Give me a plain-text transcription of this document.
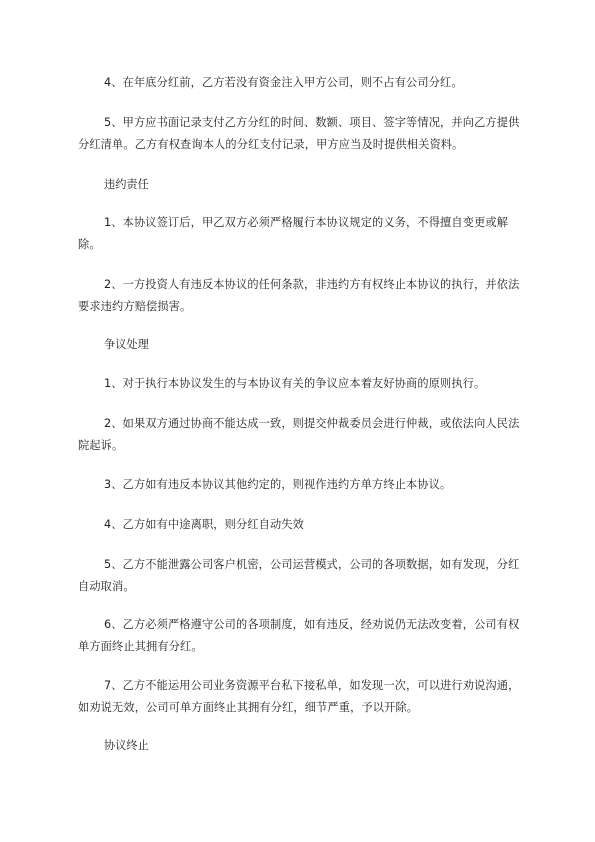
4、在年底分红前，乙方若没有资金注入甲方公司，则不占有公司分红。

5、甲方应书面记录支付乙方分红的时间、数额、项目、签字等情况，并向乙方提供分红清单。乙方有权查询本人的分红支付记录，甲方应当及时提供相关资料。

违约责任

1、本协议签订后，甲乙双方必须严格履行本协议规定的义务，不得擅自变更或解除。

2、一方投资人有违反本协议的任何条款，非违约方有权终止本协议的执行，并依法要求违约方赔偿损害。

争议处理

1、对于执行本协议发生的与本协议有关的争议应本着友好协商的原则执行。

2、如果双方通过协商不能达成一致，则提交仲裁委员会进行仲裁，或依法向人民法院起诉。

3、乙方如有违反本协议其他约定的，则视作违约方单方终止本协议。

4、乙方如有中途离职，则分红自动失效

5、乙方不能泄露公司客户机密，公司运营模式，公司的各项数据，如有发现，分红自动取消。

6、乙方必须严格遵守公司的各项制度，如有违反，经劝说仍无法改变着，公司有权单方面终止其拥有分红。

7、乙方不能运用公司业务资源平台私下接私单，如发现一次，可以进行劝说沟通，如劝说无效，公司可单方面终止其拥有分红，细节严重，予以开除。

协议终止
